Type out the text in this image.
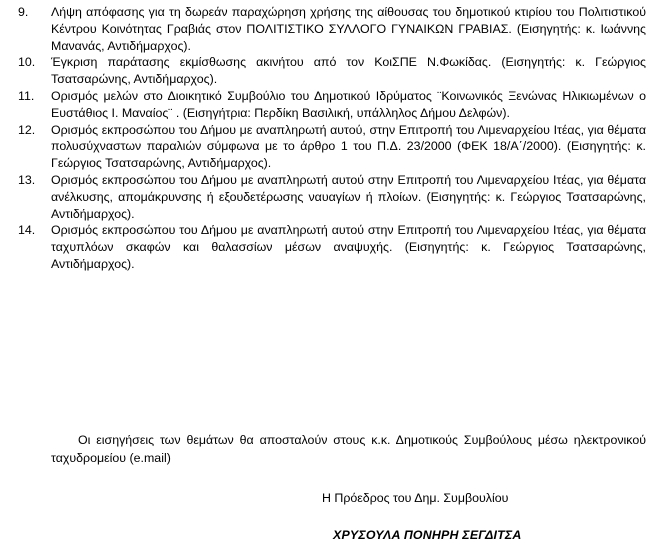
9.	Λήψη απόφασης για τη δωρεάν παραχώρηση χρήσης της αίθουσας του δημοτικού κτιρίου του Πολιτιστικού Κέντρου Κοινότητας Γραβιάς στον ΠΟΛΙΤΙΣΤΙΚΟ ΣΥΛΛΟΓΟ ΓΥΝΑΙΚΩΝ ΓΡΑΒΙΑΣ. (Εισηγητής: κ. Ιωάννης Μανανάς, Αντιδήμαρχος).
10.	Έγκριση παράτασης εκμίσθωσης ακινήτου από τον ΚοιΣΠΕ Ν.Φωκίδας. (Εισηγητής: κ. Γεώργιος Τσατσαρώνης, Αντιδήμαρχος).
11.	Ορισμός μελών στο Διοικητικό Συμβούλιο του Δημοτικού Ιδρύματος ¨Κοινωνικός Ξενώνας Ηλικιωμένων ο Ευστάθιος Ι. Μαναίος¨ . (Εισηγήτρια: Περδίκη Βασιλική, υπάλληλος Δήμου Δελφών).
12.	Ορισμός εκπροσώπου του Δήμου με αναπληρωτή αυτού, στην Επιτροπή του Λιμεναρχείου Ιτέας, για θέματα πολυσύχναστων παραλιών σύμφωνα με το άρθρο 1 του Π.Δ. 23/2000 (ΦΕΚ 18/Α΄/2000). (Εισηγητής: κ. Γεώργιος Τσατσαρώνης, Αντιδήμαρχος).
13.	Ορισμός εκπροσώπου του Δήμου με αναπληρωτή αυτού στην Επιτροπή του Λιμεναρχείου Ιτέας, για θέματα ανέλκυσης, απομάκρυνσης ή εξουδετέρωσης ναυαγίων ή πλοίων. (Εισηγητής: κ. Γεώργιος Τσατσαρώνης, Αντιδήμαρχος).
14.	Ορισμός εκπροσώπου του Δήμου με αναπληρωτή αυτού στην Επιτροπή του Λιμεναρχείου Ιτέας, για θέματα ταχυπλόων σκαφών και θαλασσίων μέσων αναψυχής. (Εισηγητής: κ. Γεώργιος Τσατσαρώνης, Αντιδήμαρχος).

Οι εισηγήσεις των θεμάτων θα αποσταλούν στους κ.κ. Δημοτικούς Συμβούλους μέσω ηλεκτρονικού ταχυδρομείου (e.mail)

Η Πρόεδρος του Δημ. Συμβουλίου
ΧΡΥΣΟΥΛΑ ΠΟΝΗΡΗ ΣΕΓΔΙΤΣΑ
